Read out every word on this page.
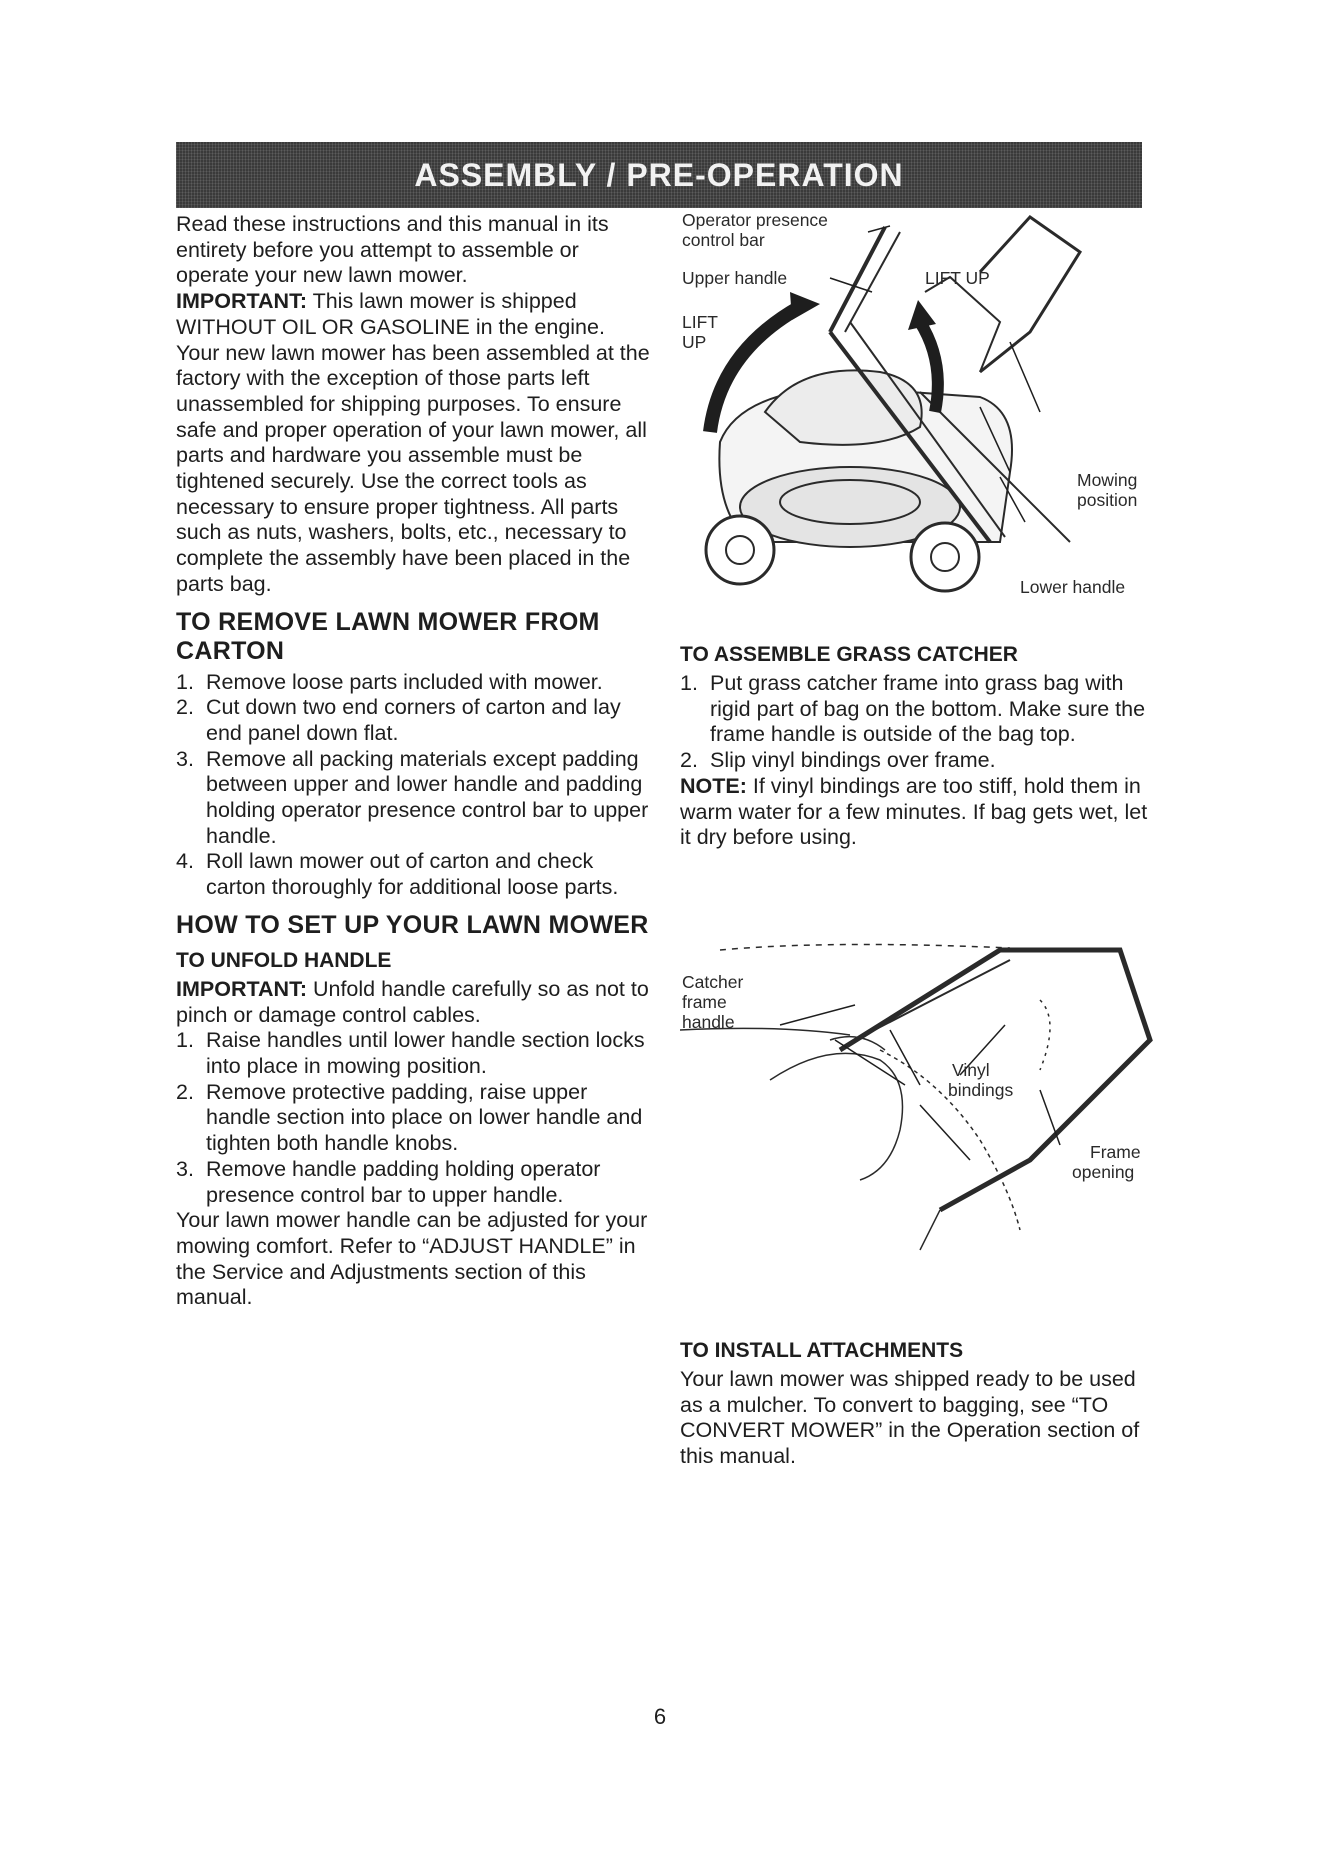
ASSEMBLY / PRE-OPERATION

Read these instructions and this manual in its entirety before you attempt to assemble or operate your new lawn mower.

IMPORTANT: This lawn mower is shipped WITHOUT OIL OR GASOLINE in the engine.

Your new lawn mower has been assembled at the factory with the exception of those parts left unassembled for shipping purposes. To ensure safe and proper operation of your lawn mower, all parts and hardware you assemble must be tightened securely. Use the correct tools as necessary to ensure proper tightness. All parts such as nuts, washers, bolts, etc., necessary to complete the assembly have been placed in the parts bag.

TO REMOVE LAWN MOWER FROM CARTON
1. Remove loose parts included with mower.
2. Cut down two end corners of carton and lay end panel down flat.
3. Remove all packing materials except padding between upper and lower handle and padding holding operator presence control bar to upper handle.
4. Roll lawn mower out of carton and check carton thoroughly for additional loose parts.
HOW TO SET UP YOUR LAWN MOWER
TO UNFOLD HANDLE

IMPORTANT: Unfold handle carefully so as not to pinch or damage control cables.

1. Raise handles until lower handle section locks into place in mowing position.
2. Remove protective padding, raise upper handle section into place on lower handle and tighten both handle knobs.
3. Remove handle padding holding operator presence control bar to upper handle.

Your lawn mower handle can be adjusted for your mowing comfort. Refer to “ADJUST HANDLE” in the Service and Adjustments section of this manual.

Operator presence
control bar
Upper handle	LIFT UP
LIFT
UP
Mowing
position
Lower handle
TO ASSEMBLE GRASS CATCHER
1. Put grass catcher frame into grass bag with rigid part of bag on the bottom. Make sure the frame handle is outside of the bag top.
2. Slip vinyl bindings over frame.

NOTE: If vinyl bindings are too stiff, hold them in warm water for a few minutes. If bag gets wet, let it dry before using.

Catcher
frame
handle
Vinyl
bindings
Frame
opening
TO INSTALL ATTACHMENTS

Your lawn mower was shipped ready to be used as a mulcher. To convert to bagging, see “TO CONVERT MOWER” in the Operation section of this manual.

6
